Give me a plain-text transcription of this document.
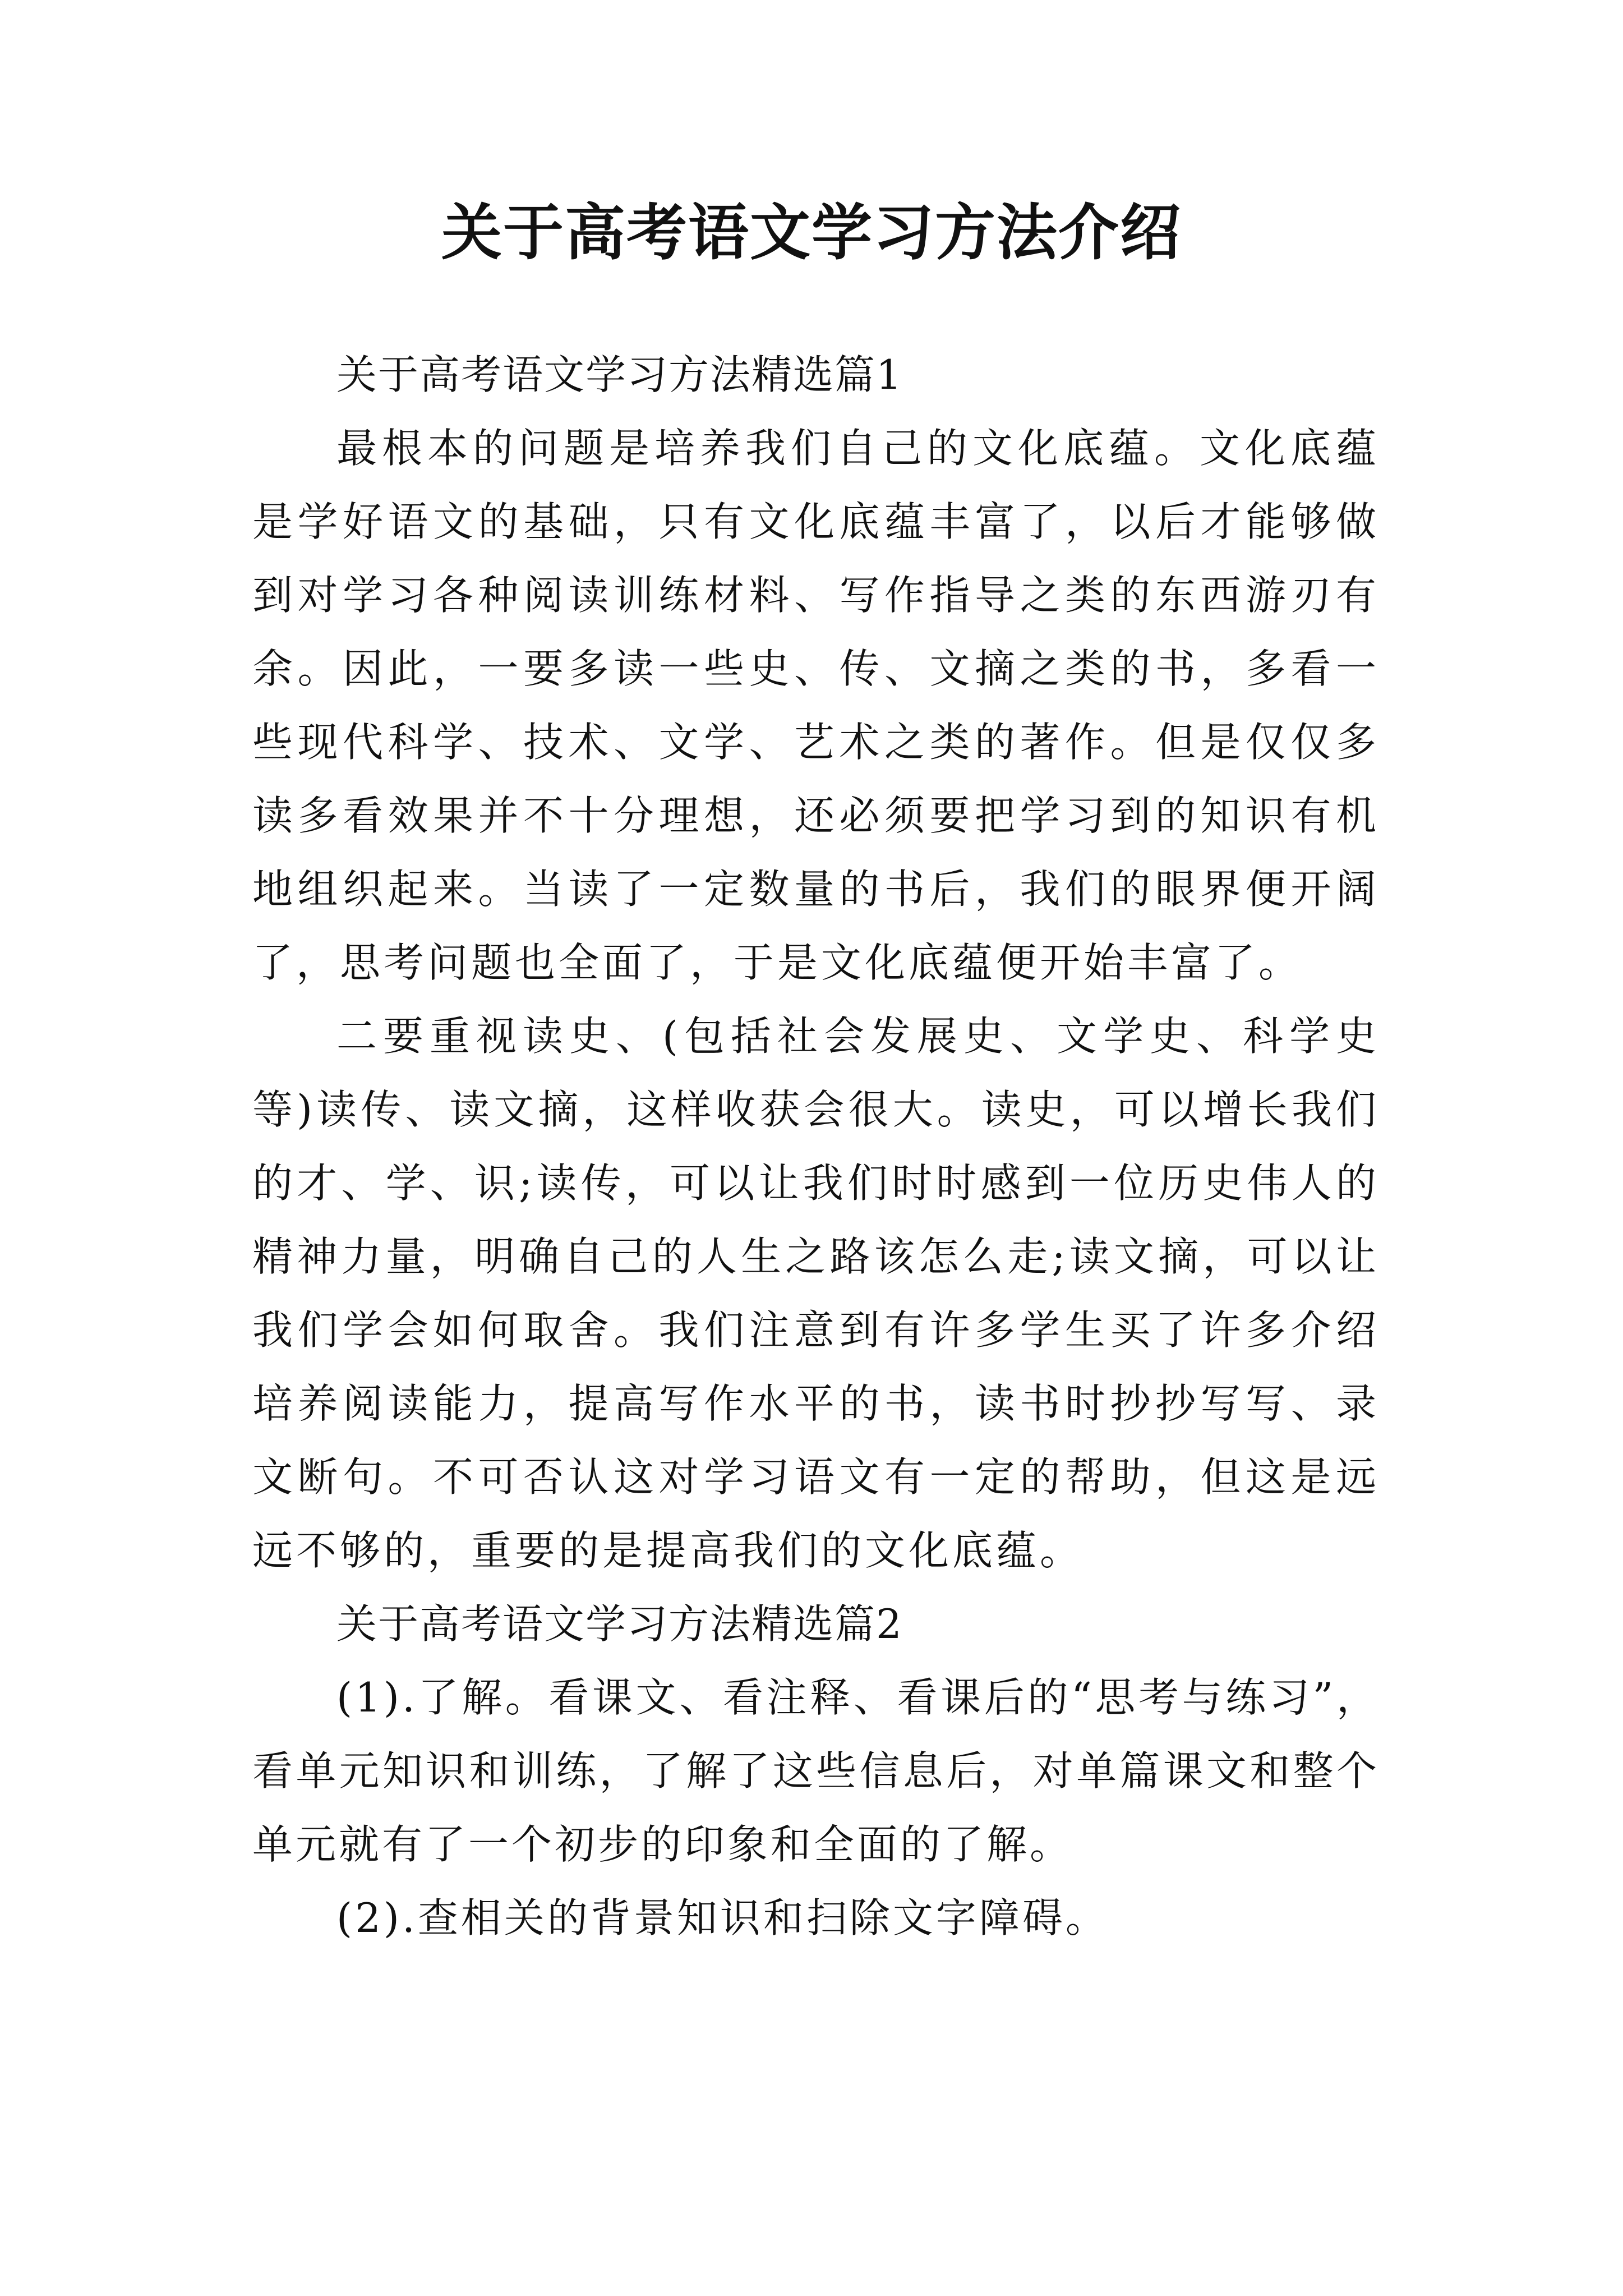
关于高考语文学习方法介绍

关于高考语文学习方法精选篇1

最根本的问题是培养我们自己的文化底蕴。文化底蕴是学好语文的基础，只有文化底蕴丰富了，以后才能够做到对学习各种阅读训练材料、写作指导之类的东西游刃有余。因此，一要多读一些史、传、文摘之类的书，多看一些现代科学、技术、文学、艺术之类的著作。但是仅仅多读多看效果并不十分理想，还必须要把学习到的知识有机地组织起来。当读了一定数量的书后，我们的眼界便开阔了，思考问题也全面了，于是文化底蕴便开始丰富了。

二要重视读史、(包括社会发展史、文学史、科学史等)读传、读文摘，这样收获会很大。读史，可以增长我们的才、学、识;读传，可以让我们时时感到一位历史伟人的精神力量，明确自己的人生之路该怎么走;读文摘，可以让我们学会如何取舍。我们注意到有许多学生买了许多介绍培养阅读能力，提高写作水平的书，读书时抄抄写写、录文断句。不可否认这对学习语文有一定的帮助，但这是远远不够的，重要的是提高我们的文化底蕴。

关于高考语文学习方法精选篇2

(1).了解。看课文、看注释、看课后的“思考与练习”，看单元知识和训练，了解了这些信息后，对单篇课文和整个单元就有了一个初步的印象和全面的了解。

(2).查相关的背景知识和扫除文字障碍。
